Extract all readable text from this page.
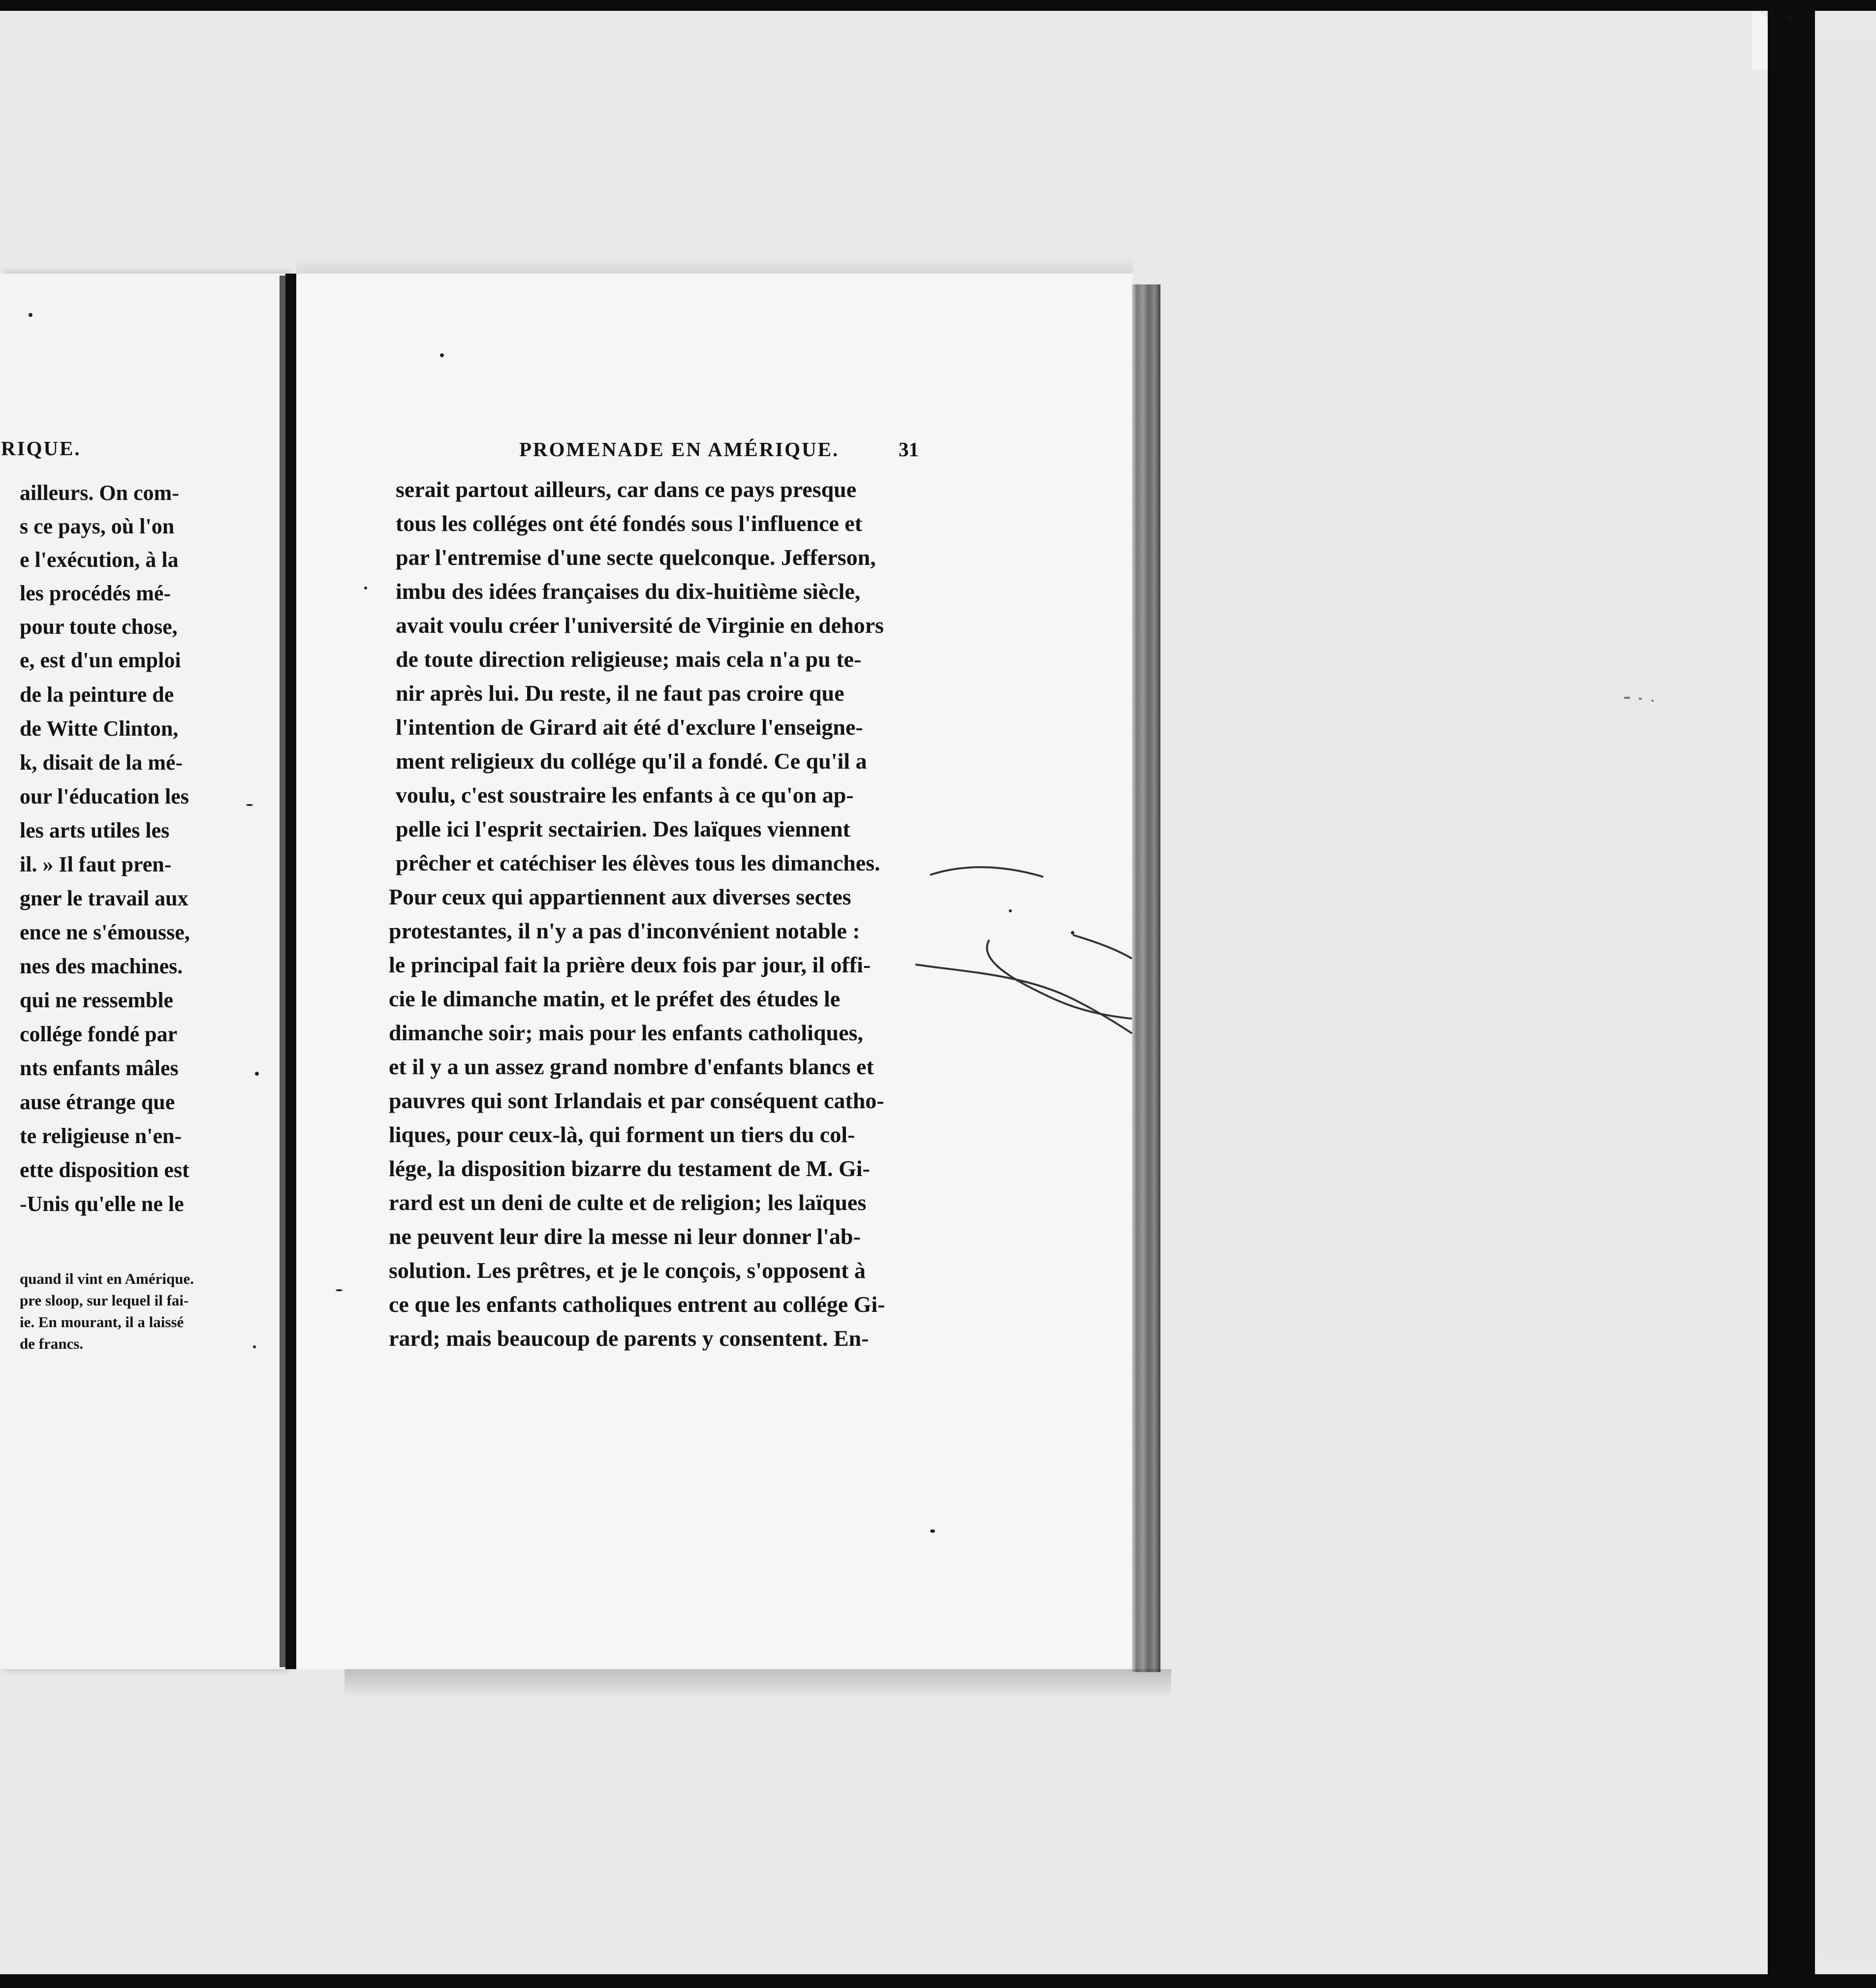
RIQUE.
ailleurs. On com-
s ce pays, où l'on
e l'exécution, à la
les procédés mé-
pour toute chose,
e, est d'un emploi
de la peinture de
de Witte Clinton,
k, disait de la mé-
our l'éducation les
les arts utiles les
il. » Il faut pren-
gner le travail aux
ence ne s'émousse,
nes des machines.
qui ne ressemble
collége fondé par
nts enfants mâles
ause étrange que
te religieuse n'en-
ette disposition est
-Unis qu'elle ne le
quand il vint en Amérique.
pre sloop, sur lequel il fai-
ie. En mourant, il a laissé
de francs.
PROMENADE EN AMÉRIQUE.	31
serait partout ailleurs, car dans ce pays presque
tous les colléges ont été fondés sous l'influence et
par l'entremise d'une secte quelconque. Jefferson,
imbu des idées françaises du dix-huitième siècle,
avait voulu créer l'université de Virginie en dehors
de toute direction religieuse; mais cela n'a pu te-
nir après lui. Du reste, il ne faut pas croire que
l'intention de Girard ait été d'exclure l'enseigne-
ment religieux du collége qu'il a fondé. Ce qu'il a
voulu, c'est soustraire les enfants à ce qu'on ap-
pelle ici l'esprit sectairien. Des laïques viennent
prêcher et catéchiser les élèves tous les dimanches.
Pour ceux qui appartiennent aux diverses sectes
protestantes, il n'y a pas d'inconvénient notable :
le principal fait la prière deux fois par jour, il offi-
cie le dimanche matin, et le préfet des études le
dimanche soir; mais pour les enfants catholiques,
et il y a un assez grand nombre d'enfants blancs et
pauvres qui sont Irlandais et par conséquent catho-
liques, pour ceux-là, qui forment un tiers du col-
lége, la disposition bizarre du testament de M. Gi-
rard est un deni de culte et de religion; les laïques
ne peuvent leur dire la messe ni leur donner l'ab-
solution. Les prêtres, et je le conçois, s'opposent à
ce que les enfants catholiques entrent au collége Gi-
rard; mais beaucoup de parents y consentent. En-
